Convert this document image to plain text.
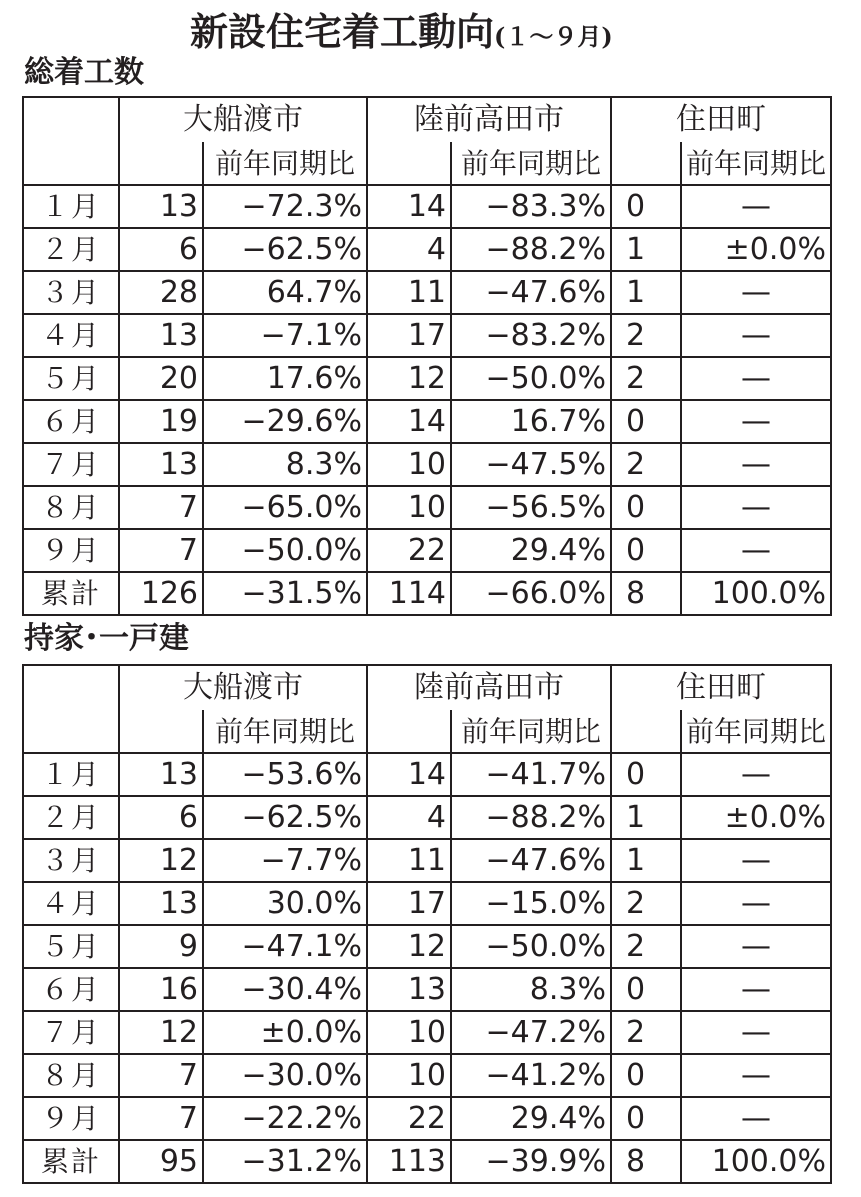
新設住宅着工動向(１～９月)
総着工数
	大船渡市		陸前高田市		住田町	
		前年同期比		前年同期比		前年同期比
１月	13	−72.3%	14	−83.3%	0	—
２月	6	−62.5%	4	−88.2%	1	±0.0%
３月	28	64.7%	11	−47.6%	1	—
４月	13	−7.1%	17	−83.2%	2	—
５月	20	17.6%	12	−50.0%	2	—
６月	19	−29.6%	14	16.7%	0	—
７月	13	8.3%	10	−47.5%	2	—
８月	7	−65.0%	10	−56.5%	0	—
９月	7	−50.0%	22	29.4%	0	—
累計	126	−31.5%	114	−66.0%	8	100.0%
持家･一戸建
	大船渡市		陸前高田市		住田町	
		前年同期比		前年同期比		前年同期比
１月	13	−53.6%	14	−41.7%	0	—
２月	6	−62.5%	4	−88.2%	1	±0.0%
３月	12	−7.7%	11	−47.6%	1	—
４月	13	30.0%	17	−15.0%	2	—
５月	9	−47.1%	12	−50.0%	2	—
６月	16	−30.4%	13	8.3%	0	—
７月	12	±0.0%	10	−47.2%	2	—
８月	7	−30.0%	10	−41.2%	0	—
９月	7	−22.2%	22	29.4%	0	—
累計	95	−31.2%	113	−39.9%	8	100.0%
